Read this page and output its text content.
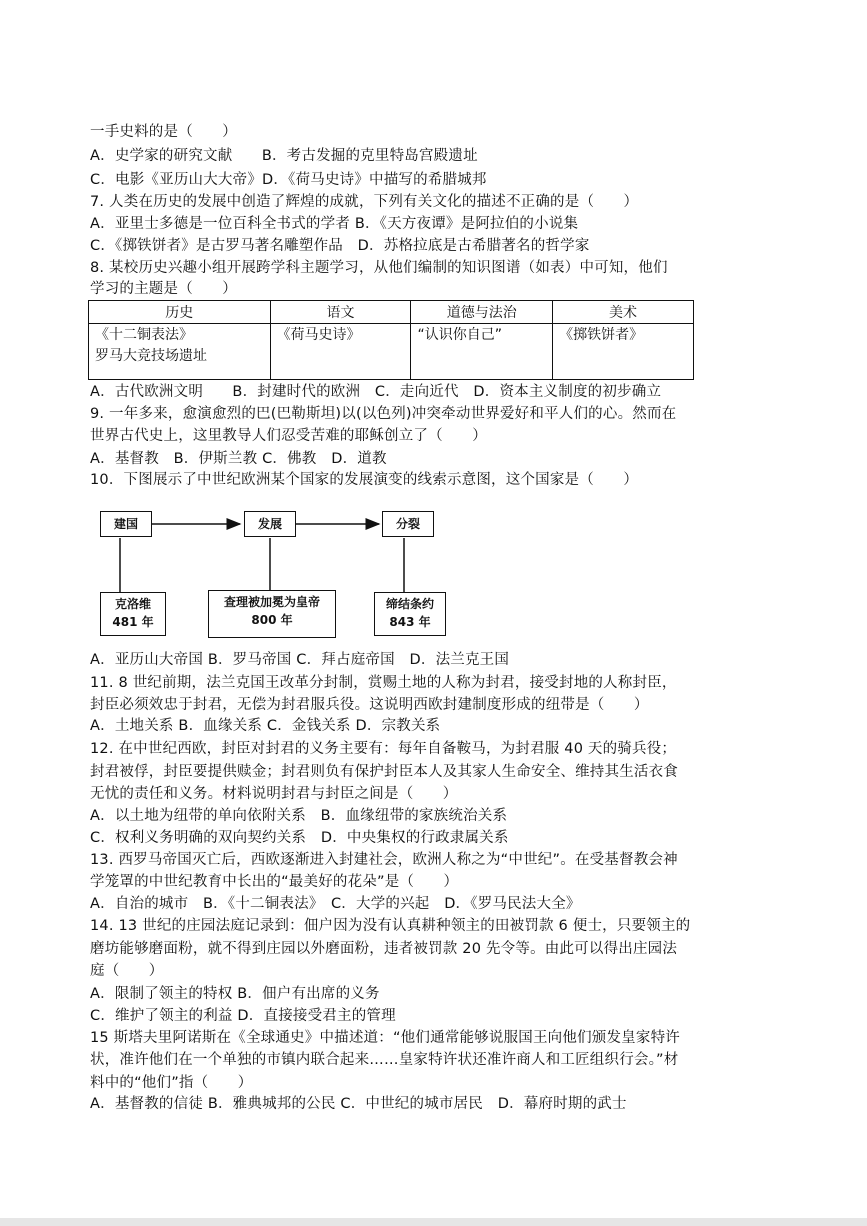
一手史料的是（　　）
A．史学家的研究文献　　B．考古发掘的克里特岛宫殿遗址
C．电影《亚历山大大帝》D．《荷马史诗》中描写的希腊城邦
7. 人类在历史的发展中创造了辉煌的成就，下列有关文化的描述不正确的是（　　）
A．亚里士多德是一位百科全书式的学者 B．《天方夜谭》是阿拉伯的小说集
C．《掷铁饼者》是古罗马著名雕塑作品　D．苏格拉底是古希腊著名的哲学家
8. 某校历史兴趣小组开展跨学科主题学习，从他们编制的知识图谱（如表）中可知，他们
学习的主题是（　　）
历史	语文	道德与法治	美术
《十二铜表法》
罗马大竞技场遗址	《荷马史诗》	“认识你自己”	《掷铁饼者》
A．古代欧洲文明　　B．封建时代的欧洲　C．走向近代　D．资本主义制度的初步确立
9. 一年多来，愈演愈烈的巴(巴勒斯坦)以(以色列)冲突牵动世界爱好和平人们的心。然而在
世界古代史上，这里教导人们忍受苦难的耶稣创立了（　　）
A．基督教　B．伊斯兰教 C．佛教　D．道教
10．下图展示了中世纪欧洲某个国家的发展演变的线索示意图，这个国家是（　　）
建国	发展	分裂
克洛维
481 年
查理被加冕为皇帝
800 年
缔结条约
843 年
A．亚历山大帝国 B．罗马帝国 C．拜占庭帝国　D．法兰克王国
11. 8 世纪前期，法兰克国王改革分封制，赏赐土地的人称为封君，接受封地的人称封臣，
封臣必须效忠于封君，无偿为封君服兵役。这说明西欧封建制度形成的纽带是（　　）
A．土地关系 B．血缘关系 C．金钱关系 D．宗教关系
12. 在中世纪西欧，封臣对封君的义务主要有：每年自备鞍马，为封君服 40 天的骑兵役；
封君被俘，封臣要提供赎金；封君则负有保护封臣本人及其家人生命安全、维持其生活衣食
无忧的责任和义务。材料说明封君与封臣之间是（　　）
A．以土地为纽带的单向依附关系　B．血缘纽带的家族统治关系
C．权利义务明确的双向契约关系　D．中央集权的行政隶属关系
13. 西罗马帝国灭亡后，西欧逐渐进入封建社会，欧洲人称之为“中世纪”。在受基督教会神
学笼罩的中世纪教育中长出的“最美好的花朵”是（　　）
A．自治的城市　B．《十二铜表法》　C．大学的兴起　D．《罗马民法大全》
14. 13 世纪的庄园法庭记录到：佃户因为没有认真耕种领主的田被罚款 6 便士，只要领主的
磨坊能够磨面粉，就不得到庄园以外磨面粉，违者被罚款 20 先令等。由此可以得出庄园法
庭（　　）
A．限制了领主的特权 B．佃户有出席的义务
C．维护了领主的利益 D．直接接受君主的管理
15 斯塔夫里阿诺斯在《全球通史》中描述道：“他们通常能够说服国王向他们颁发皇家特许
状，准许他们在一个单独的市镇内联合起来……皇家特许状还准许商人和工匠组织行会。”材
料中的“他们”指（　　）
A．基督教的信徒 B．雅典城邦的公民 C．中世纪的城市居民　D．幕府时期的武士
